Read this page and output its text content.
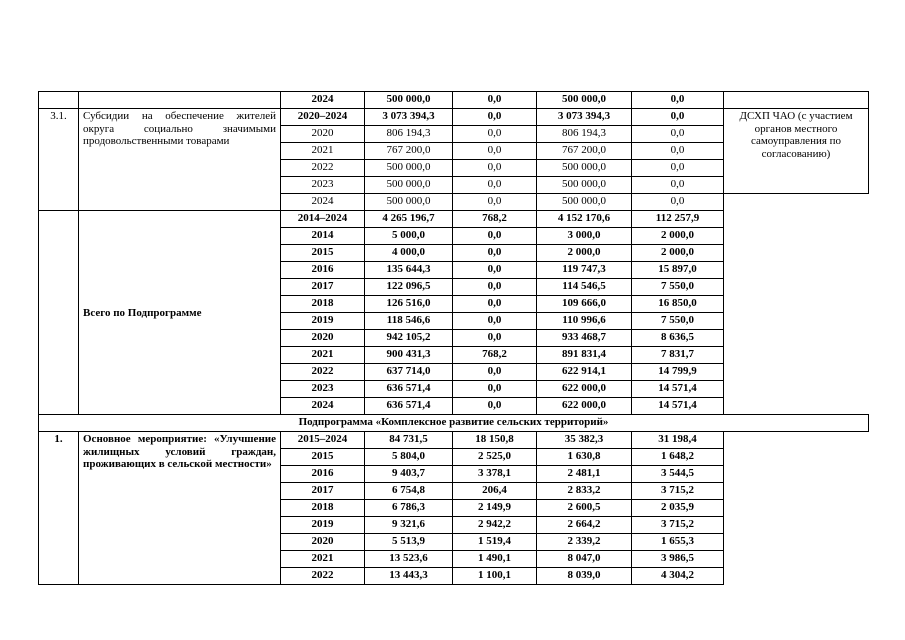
		2024	500 000,0	0,0	500 000,0	0,0	
3.1.	Субсидии на обеспечение жителей округа социально значимыми продовольственными товарами	2020–2024	3 073 394,3	0,0	3 073 394,3	0,0	ДСХП ЧАО (с участием органов местного самоуправления по согласованию)
		2020	806 194,3	0,0	806 194,3	0,0	
		2021	767 200,0	0,0	767 200,0	0,0	
		2022	500 000,0	0,0	500 000,0	0,0	
		2023	500 000,0	0,0	500 000,0	0,0	
		2024	500 000,0	0,0	500 000,0	0,0	
	Всего по Подпрограмме	2014–2024	4 265 196,7	768,2	4 152 170,6	112 257,9	
		2014	5 000,0	0,0	3 000,0	2 000,0	
		2015	4 000,0	0,0	2 000,0	2 000,0	
		2016	135 644,3	0,0	119 747,3	15 897,0	
		2017	122 096,5	0,0	114 546,5	7 550,0	
		2018	126 516,0	0,0	109 666,0	16 850,0	
		2019	118 546,6	0,0	110 996,6	7 550,0	
		2020	942 105,2	0,0	933 468,7	8 636,5	
		2021	900 431,3	768,2	891 831,4	7 831,7	
		2022	637 714,0	0,0	622 914,1	14 799,9	
		2023	636 571,4	0,0	622 000,0	14 571,4	
		2024	636 571,4	0,0	622 000,0	14 571,4	
Подпрограмма «Комплексное развитие сельских территорий»							
1.	Основное мероприятие: «Улучшение жилищных условий граждан, проживающих в сельской местности»	2015–2024	84 731,5	18 150,8	35 382,3	31 198,4	
		2015	5 804,0	2 525,0	1 630,8	1 648,2	
		2016	9 403,7	3 378,1	2 481,1	3 544,5	
		2017	6 754,8	206,4	2 833,2	3 715,2	
		2018	6 786,3	2 149,9	2 600,5	2 035,9	
		2019	9 321,6	2 942,2	2 664,2	3 715,2	
		2020	5 513,9	1 519,4	2 339,2	1 655,3	
		2021	13 523,6	1 490,1	8 047,0	3 986,5	
		2022	13 443,3	1 100,1	8 039,0	4 304,2	
